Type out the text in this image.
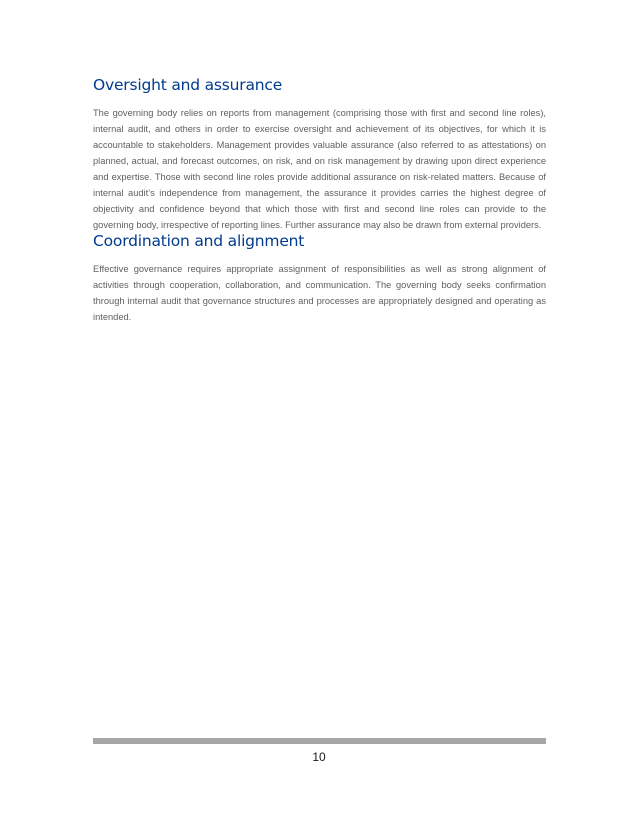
Oversight and assurance

The governing body relies on reports from management (comprising those with first and second line roles), internal audit, and others in order to exercise oversight and achievement of its objectives, for which it is accountable to stakeholders. Management provides valuable assurance (also referred to as attestations) on planned, actual, and forecast outcomes, on risk, and on risk management by drawing upon direct experience and expertise. Those with second line roles provide additional assurance on risk-related matters. Because of internal audit’s independence from management, the assurance it provides carries the highest degree of objectivity and confidence beyond that which those with first and second line roles can provide to the governing body, irrespective of reporting lines. Further assurance may also be drawn from external providers.

Coordination and alignment

Effective governance requires appropriate assignment of responsibilities as well as strong alignment of activities through cooperation, collaboration, and communication. The governing body seeks confirmation through internal audit that governance structures and processes are appropriately designed and operating as intended.

10
